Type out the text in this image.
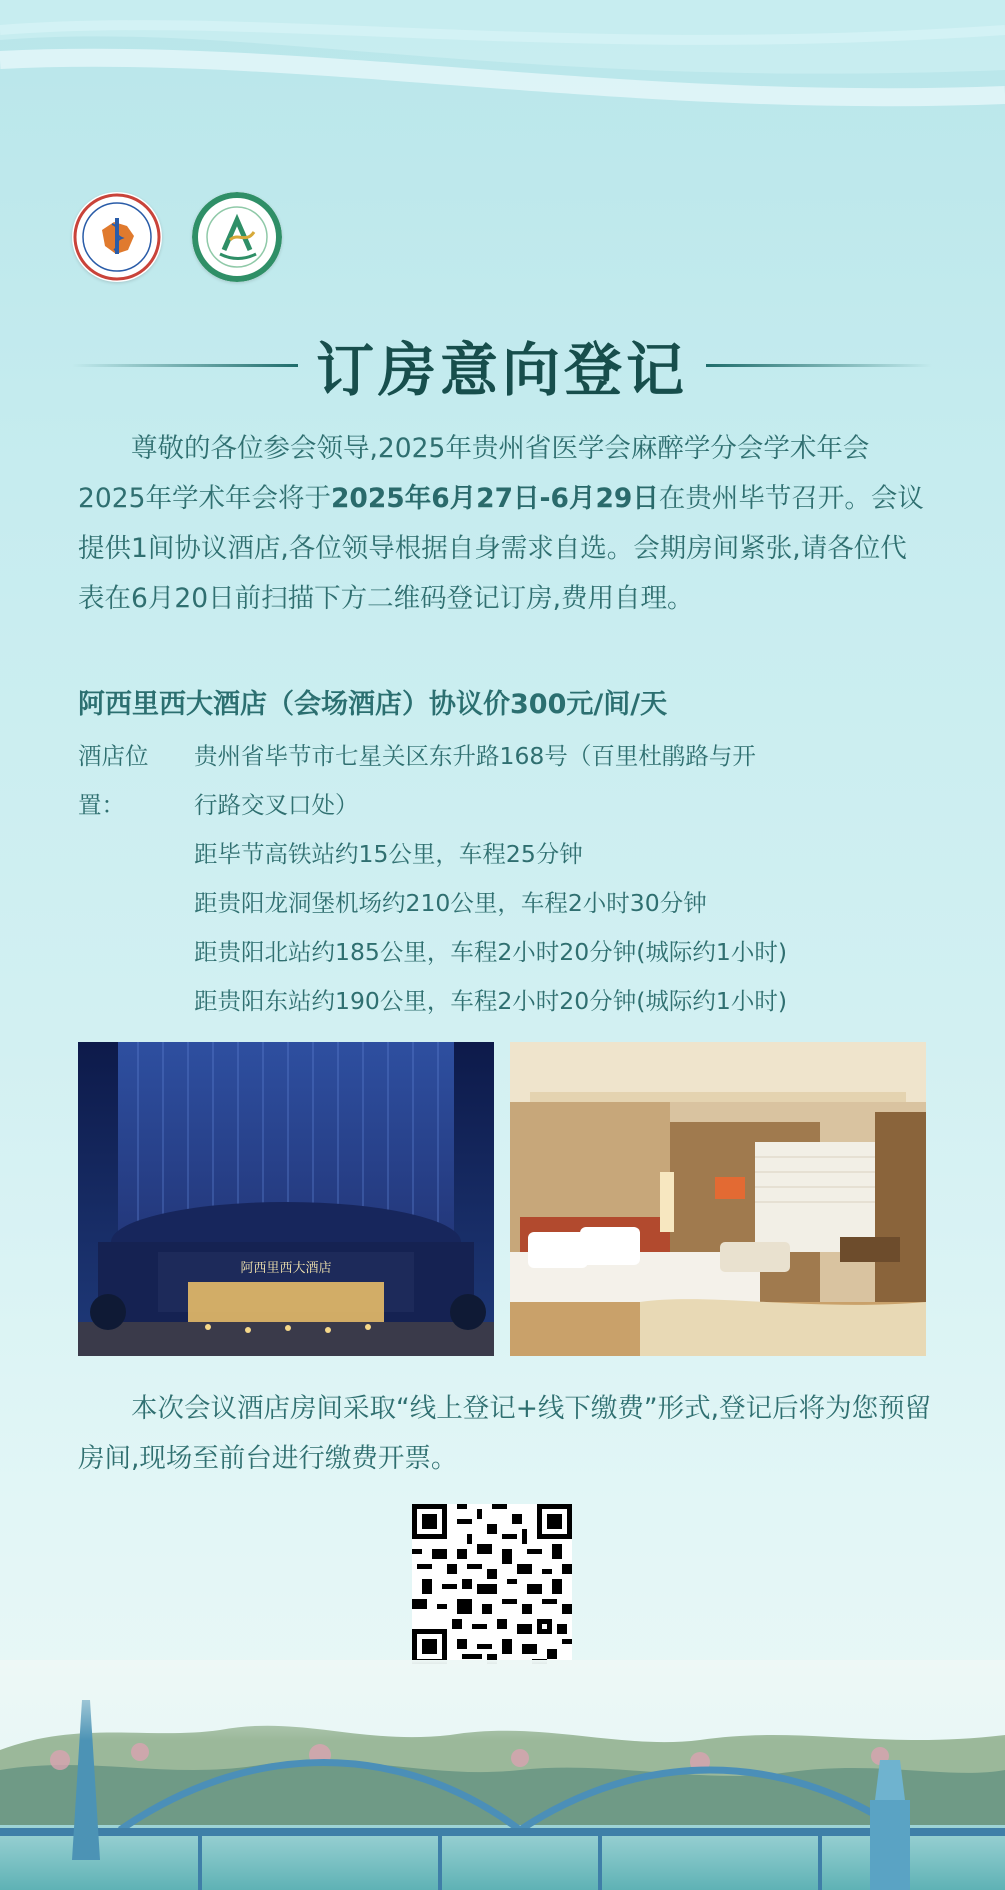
订房意向登记
尊敬的各位参会领导,2025年贵州省医学会麻醉学分会学术年会2025年学术年会将于2025年6月27日-6月29日在贵州毕节召开。会议提供1间协议酒店,各位领导根据自身需求自选。会期房间紧张,请各位代表在6月20日前扫描下方二维码登记订房,费用自理。
阿西里西大酒店（会场酒店）协议价300元/间/天
酒店位置：
贵州省毕节市七星关区东升路168号（百里杜鹃路与开
行路交叉口处）
距毕节高铁站约15公里，车程25分钟
距贵阳龙洞堡机场约210公里，车程2小时30分钟
距贵阳北站约185公里，车程2小时20分钟(城际约1小时)
距贵阳东站约190公里，车程2小时20分钟(城际约1小时)
阿西里西大酒店
本次会议酒店房间采取“线上登记+线下缴费”形式,登记后将为您预留房间,现场至前台进行缴费开票。
